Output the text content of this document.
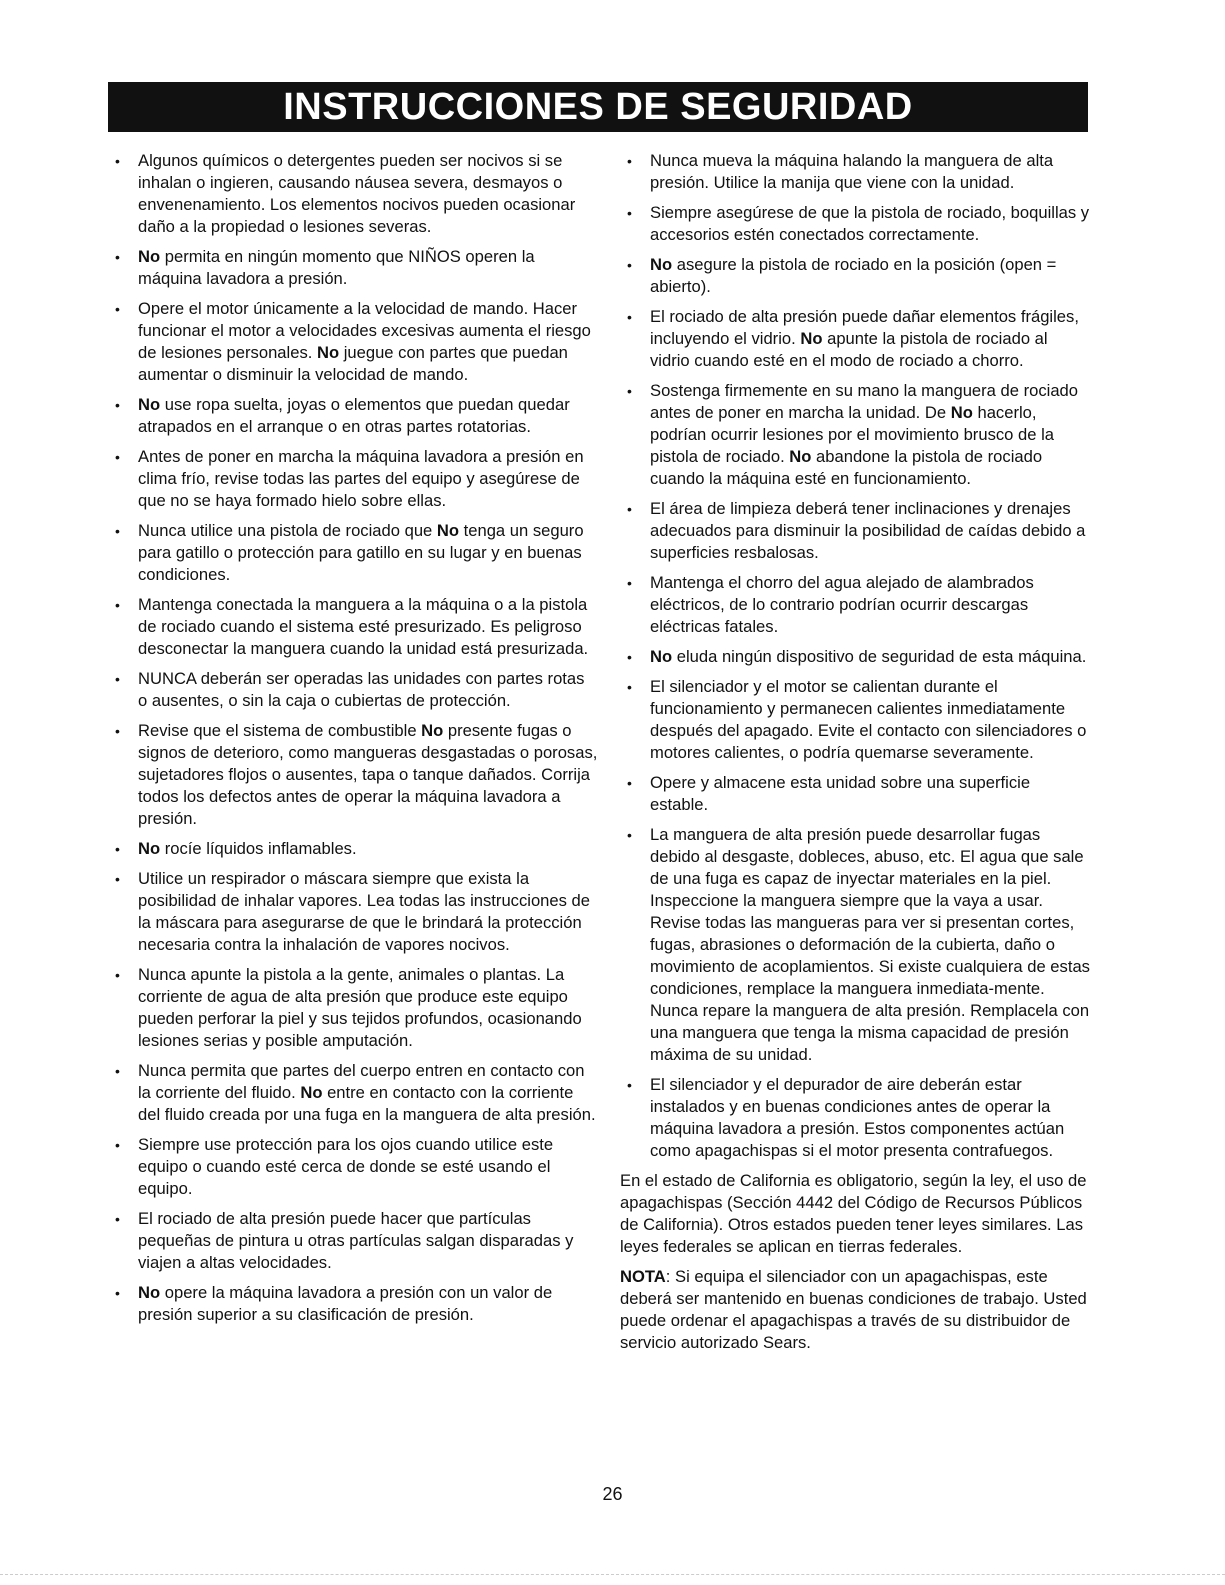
INSTRUCCIONES DE SEGURIDAD
• Algunos químicos o detergentes pueden ser nocivos si se inhalan o ingieren, causando náusea severa, desmayos o envenenamiento. Los elementos nocivos pueden ocasionar daño a la propiedad o lesiones severas.
• No permita en ningún momento que NIÑOS operen la máquina lavadora a presión.
• Opere el motor únicamente a la velocidad de mando. Hacer funcionar el motor a velocidades excesivas aumenta el riesgo de lesiones personales. No juegue con partes que puedan aumentar o disminuir la velocidad de mando.
• No use ropa suelta, joyas o elementos que puedan quedar atrapados en el arranque o en otras partes rotatorias.
• Antes de poner en marcha la máquina lavadora a presión en clima frío, revise todas las partes del equipo y asegúrese de que no se haya formado hielo sobre ellas.
• Nunca utilice una pistola de rociado que No tenga un seguro para gatillo o protección para gatillo en su lugar y en buenas condiciones.
• Mantenga conectada la manguera a la máquina o a la pistola de rociado cuando el sistema esté presurizado. Es peligroso desconectar la manguera cuando la unidad está presurizada.
• NUNCA deberán ser operadas las unidades con partes rotas o ausentes, o sin la caja o cubiertas de protección.
• Revise que el sistema de combustible No presente fugas o signos de deterioro, como mangueras desgastadas o porosas, sujetadores flojos o ausentes, tapa o tanque dañados. Corrija todos los defectos antes de operar la máquina lavadora a presión.
• No rocíe líquidos inflamables.
• Utilice un respirador o máscara siempre que exista la posibilidad de inhalar vapores. Lea todas las instrucciones de la máscara para asegurarse de que le brindará la protección necesaria contra la inhalación de vapores nocivos.
• Nunca apunte la pistola a la gente, animales o plantas. La corriente de agua de alta presión que produce este equipo pueden perforar la piel y sus tejidos profundos, ocasionando lesiones serias y posible amputación.
• Nunca permita que partes del cuerpo entren en contacto con la corriente del fluido. No entre en contacto con la corriente del fluido creada por una fuga en la manguera de alta presión.
• Siempre use protección para los ojos cuando utilice este equipo o cuando esté cerca de donde se esté usando el equipo.
• El rociado de alta presión puede hacer que partículas pequeñas de pintura u otras partículas salgan disparadas y viajen a altas velocidades.
• No opere la máquina lavadora a presión con un valor de presión superior a su clasificación de presión.
• Nunca mueva la máquina halando la manguera de alta presión. Utilice la manija que viene con la unidad.
• Siempre asegúrese de que la pistola de rociado, boquillas y accesorios estén conectados correctamente.
• No asegure la pistola de rociado en la posición (open = abierto).
• El rociado de alta presión puede dañar elementos frágiles, incluyendo el vidrio. No apunte la pistola de rociado al vidrio cuando esté en el modo de rociado a chorro.
• Sostenga firmemente en su mano la manguera de rociado antes de poner en marcha la unidad. De No hacerlo, podrían ocurrir lesiones por el movimiento brusco de la pistola de rociado. No abandone la pistola de rociado cuando la máquina esté en funcionamiento.
• El área de limpieza deberá tener inclinaciones y drenajes adecuados para disminuir la posibilidad de caídas debido a superficies resbalosas.
• Mantenga el chorro del agua alejado de alambrados eléctricos, de lo contrario podrían ocurrir descargas eléctricas fatales.
• No eluda ningún dispositivo de seguridad de esta máquina.
• El silenciador y el motor se calientan durante el funcionamiento y permanecen calientes inmediatamente después del apagado. Evite el contacto con silenciadores o motores calientes, o podría quemarse severamente.
• Opere y almacene esta unidad sobre una superficie estable.
• La manguera de alta presión puede desarrollar fugas debido al desgaste, dobleces, abuso, etc. El agua que sale de una fuga es capaz de inyectar materiales en la piel. Inspeccione la manguera siempre que la vaya a usar. Revise todas las mangueras para ver si presentan cortes, fugas, abrasiones o deformación de la cubierta, daño o movimiento de acoplamientos. Si existe cualquiera de estas condiciones, remplace la manguera inmediata-mente. Nunca repare la manguera de alta presión. Remplacela con una manguera que tenga la misma capacidad de presión máxima de su unidad.
• El silenciador y el depurador de aire deberán estar instalados y en buenas condiciones antes de operar la máquina lavadora a presión. Estos componentes actúan como apagachispas si el motor presenta contrafuegos.

En el estado de California es obligatorio, según la ley, el uso de apagachispas (Sección 4442 del Código de Recursos Públicos de California). Otros estados pueden tener leyes similares. Las leyes federales se aplican en tierras federales.

NOTA: Si equipa el silenciador con un apagachispas, este deberá ser mantenido en buenas condiciones de trabajo. Usted puede ordenar el apagachispas a través de su distribuidor de servicio autorizado Sears.

26
